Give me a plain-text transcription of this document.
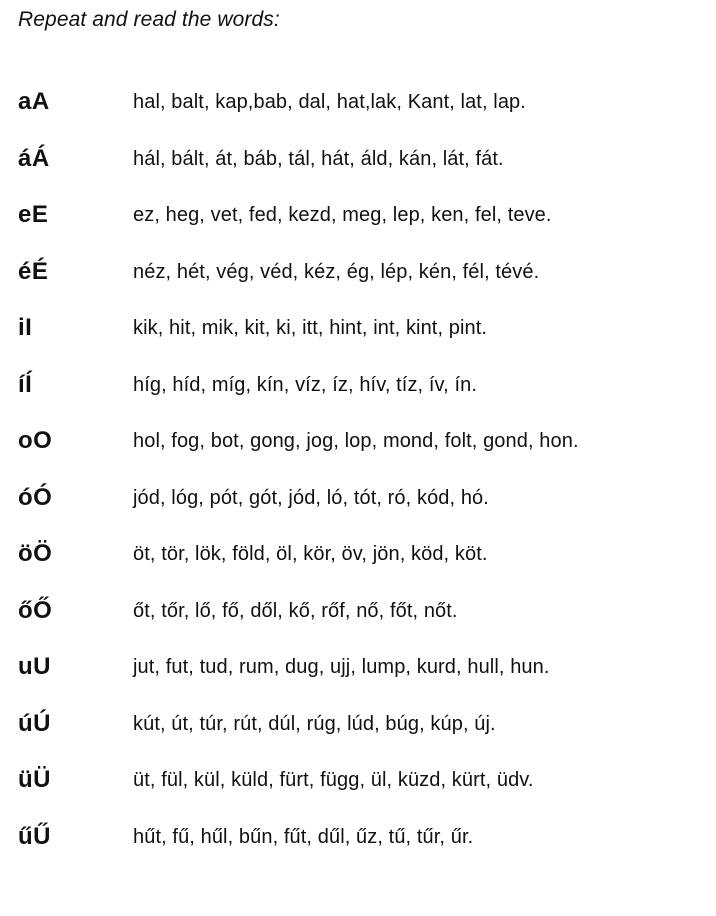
Repeat and read the words:
aA	hal, balt, kap,bab, dal, hat,lak, Kant, lat, lap.
áÁ	hál, bált, át, báb, tál, hát, áld, kán, lát, fát.
eE	ez, heg, vet, fed, kezd, meg, lep, ken, fel, teve.
éÉ	néz, hét, vég, véd, kéz, ég, lép, kén, fél, tévé.
iI	kik, hit, mik, kit, ki, itt, hint, int, kint, pint.
íÍ	híg, híd, míg, kín, víz, íz, hív, tíz, ív, ín.
oO	hol, fog, bot, gong, jog, lop, mond, folt, gond, hon.
óÓ	jód, lóg, pót, gót, jód, ló, tót, ró, kód, hó.
öÖ	öt, tör, lök, föld, öl, kör, öv, jön, köd, köt.
őŐ	őt, tőr, lő, fő, dől, kő, rőf, nő, főt, nőt.
uU	jut, fut, tud, rum, dug, ujj, lump, kurd, hull, hun.
úÚ	kút, út, túr, rút, dúl, rúg, lúd, búg, kúp, új.
üÜ	üt, fül, kül, küld, fürt, függ, ül, küzd, kürt, üdv.
űŰ	hűt, fű, hűl, bűn, fűt, dűl, űz, tű, tűr, űr.
